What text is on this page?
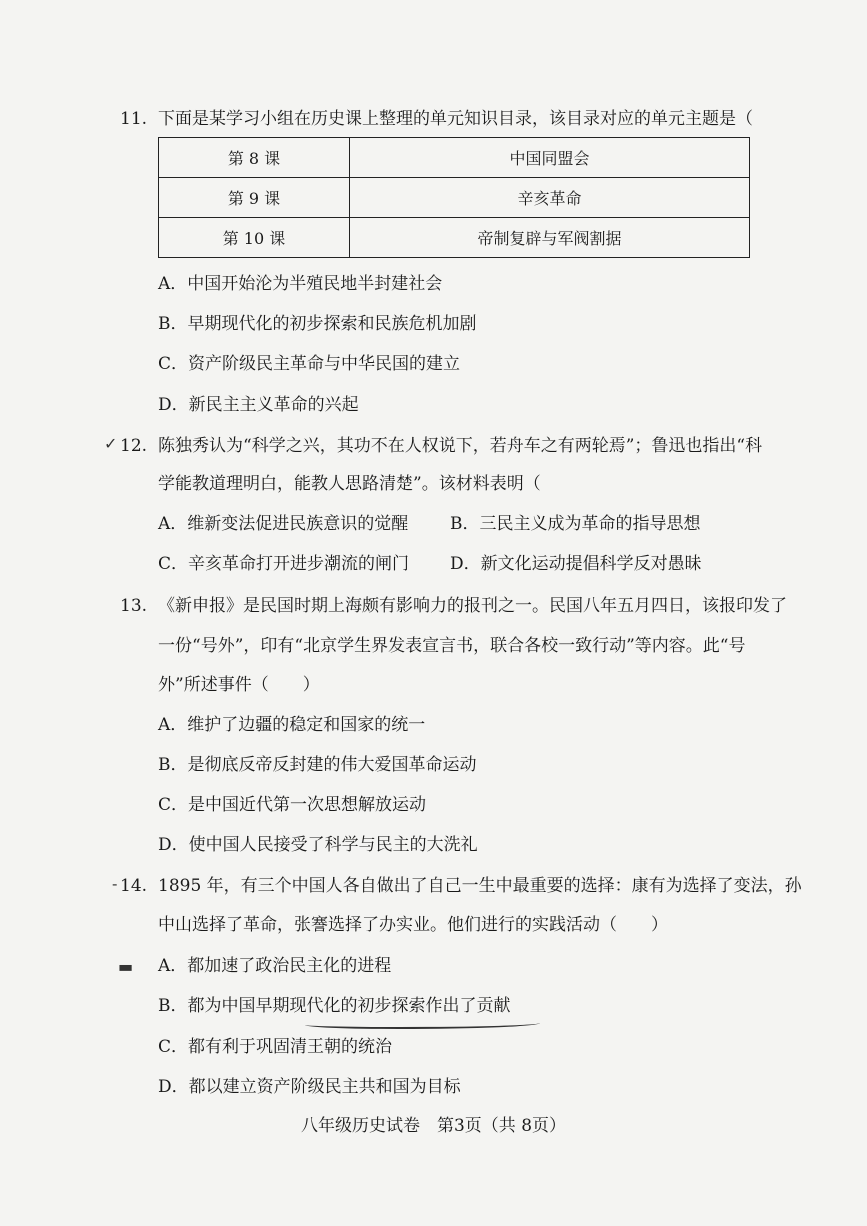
11. 下面是某学习小组在历史课上整理的单元知识目录，该目录对应的单元主题是（
第 8 课	中国同盟会
第 9 课	辛亥革命
第 10 课	帝制复辟与军阀割据
A．中国开始沦为半殖民地半封建社会
B．早期现代化的初步探索和民族危机加剧
C．资产阶级民主革命与中华民国的建立
D．新民主主义革命的兴起
✓ 12. 陈独秀认为“科学之兴，其功不在人权说下，若舟车之有两轮焉”；鲁迅也指出“科
学能教道理明白，能教人思路清楚”。该材料表明（
A．维新变法促进民族意识的觉醒 B．三民主义成为革命的指导思想
C．辛亥革命打开进步潮流的闸门 D．新文化运动提倡科学反对愚昧
13. 《新申报》是民国时期上海颇有影响力的报刊之一。民国八年五月四日，该报印发了
一份“号外”，印有“北京学生界发表宣言书，联合各校一致行动”等内容。此“号
外”所述事件（　　）
A．维护了边疆的稳定和国家的统一
B．是彻底反帝反封建的伟大爱国革命运动
C．是中国近代第一次思想解放运动
D．使中国人民接受了科学与民主的大洗礼
- 14. 1895 年，有三个中国人各自做出了自己一生中最重要的选择：康有为选择了变法，孙
中山选择了革命，张謇选择了办实业。他们进行的实践活动（　　）
▬ A．都加速了政治民主化的进程
B．都为中国早期现代化的初步探索作出了贡献
C．都有利于巩固清王朝的统治
D．都以建立资产阶级民主共和国为目标
八年级历史试卷　第3页（共 8页）
